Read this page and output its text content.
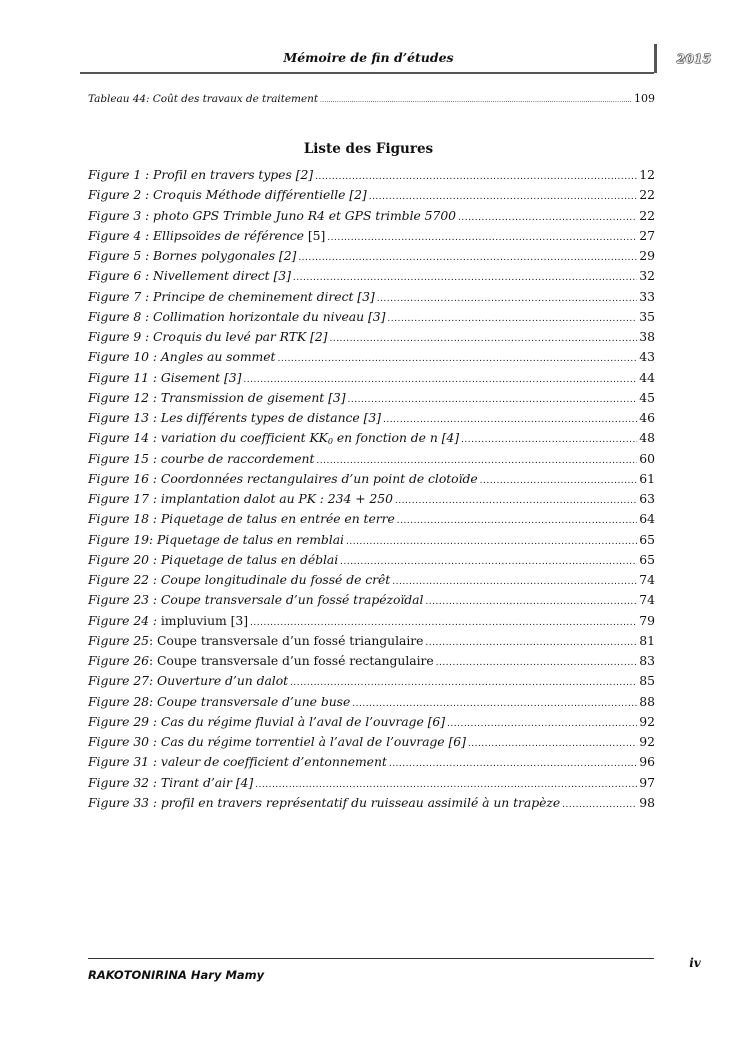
Mémoire de fin d’études	2015
Tableau 44: Coût des travaux de traitement .....	109
Liste des Figures
Figure 1 : Profil en travers types [2] .....	12
Figure 2 : Croquis Méthode différentielle [2] .....	22
Figure 3 : photo GPS Trimble Juno R4 et GPS trimble 5700 .....	22
Figure 4 : Ellipsoïdes de référence [5] .....	27
Figure 5 : Bornes polygonales [2] .....	29
Figure 6 : Nivellement direct [3] .....	32
Figure 7 : Principe de cheminement direct [3] .....	33
Figure 8 : Collimation horizontale du niveau [3] .....	35
Figure 9 : Croquis du levé par RTK [2] .....	38
Figure 10 : Angles au sommet .....	43
Figure 11 : Gisement [3] .....	44
Figure 12 : Transmission de gisement [3] .....	45
Figure 13 : Les différents types de distance [3] .....	46
Figure 14 : variation du coefficient $KK_0$ en fonction de n [4] .....	48
Figure 15 : courbe de raccordement .....	60
Figure 16 : Coordonnées rectangulaires d’un point de clotoïde .....	61
Figure 17 : implantation dalot au PK : 234 + 250 .....	63
Figure 18 : Piquetage de talus en entrée en terre .....	64
Figure 19: Piquetage de talus en remblai .....	65
Figure 20 : Piquetage de talus en déblai .....	65
Figure 22 : Coupe longitudinale du fossé de crêt .....	74
Figure 23 : Coupe transversale d’un fossé trapézoïdal .....	74
Figure 24 : impluvium [3] .....	79
Figure 25: Coupe transversale d’un fossé triangulaire .....	81
Figure 26: Coupe transversale d’un fossé rectangulaire .....	83
Figure 27: Ouverture d’un dalot .....	85
Figure 28: Coupe transversale d’une buse .....	88
Figure 29 : Cas du régime fluvial à l’aval de l’ouvrage [6] .....	92
Figure 30 : Cas du régime torrentiel à l’aval de l’ouvrage [6] .....	92
Figure 31 : valeur de coefficient d’entonnement .....	96
Figure 32 : Tirant d’air [4] .....	97
Figure 33 : profil en travers représentatif du ruisseau assimilé à un trapèze .....	98
iv
RAKOTONIRINA Hary Mamy
